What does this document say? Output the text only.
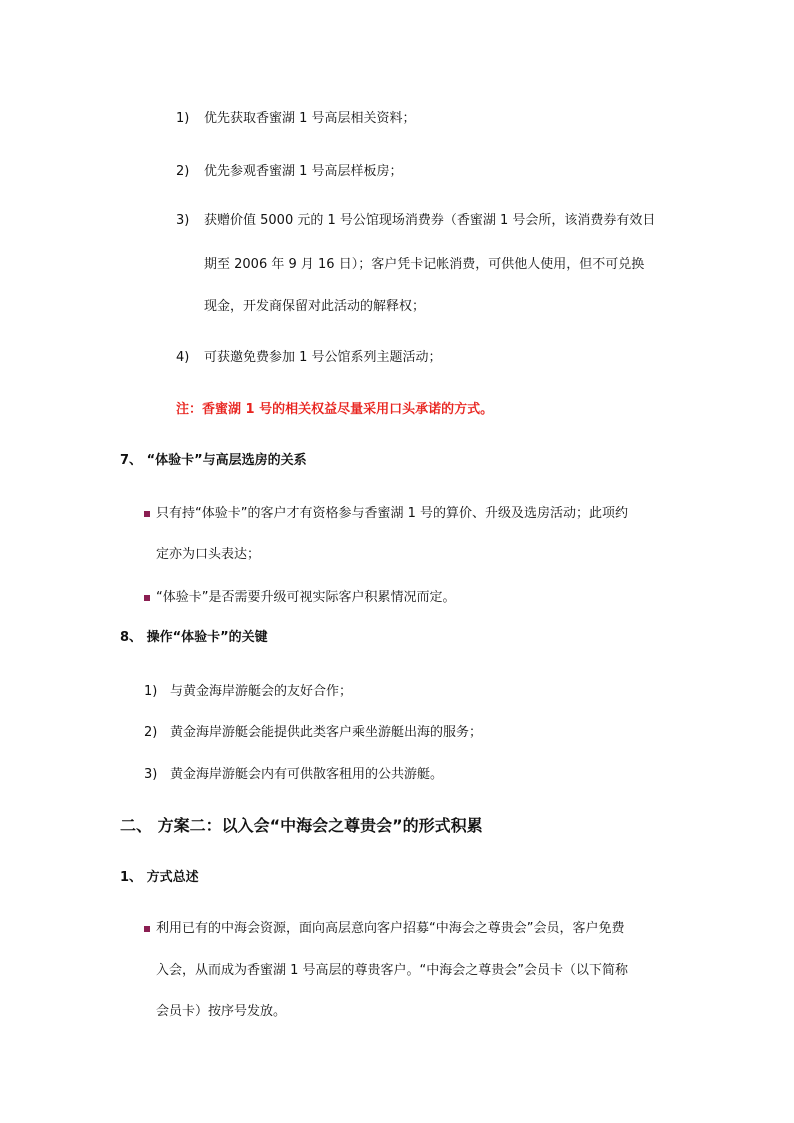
1) 优先获取香蜜湖 1 号高层相关资料；
2) 优先参观香蜜湖 1 号高层样板房；
3) 获赠价值 5000 元的 1 号公馆现场消费券（香蜜湖 1 号会所，该消费券有效日
期至 2006 年 9 月 16 日）；客户凭卡记帐消费，可供他人使用，但不可兑换
现金，开发商保留对此活动的解释权；
4) 可获邀免费参加 1 号公馆系列主题活动；
注：香蜜湖 1 号的相关权益尽量采用口头承诺的方式。
7、 “体验卡”与高层选房的关系
只有持“体验卡”的客户才有资格参与香蜜湖 1 号的算价、升级及选房活动；此项约
定亦为口头表达；
“体验卡”是否需要升级可视实际客户积累情况而定。
8、 操作“体验卡”的关键
1) 与黄金海岸游艇会的友好合作；
2) 黄金海岸游艇会能提供此类客户乘坐游艇出海的服务；
3) 黄金海岸游艇会内有可供散客租用的公共游艇。
二、 方案二：以入会“中海会之尊贵会”的形式积累
1、 方式总述
利用已有的中海会资源，面向高层意向客户招募“中海会之尊贵会”会员，客户免费
入会，从而成为香蜜湖 1 号高层的尊贵客户。“中海会之尊贵会”会员卡（以下简称
会员卡）按序号发放。
